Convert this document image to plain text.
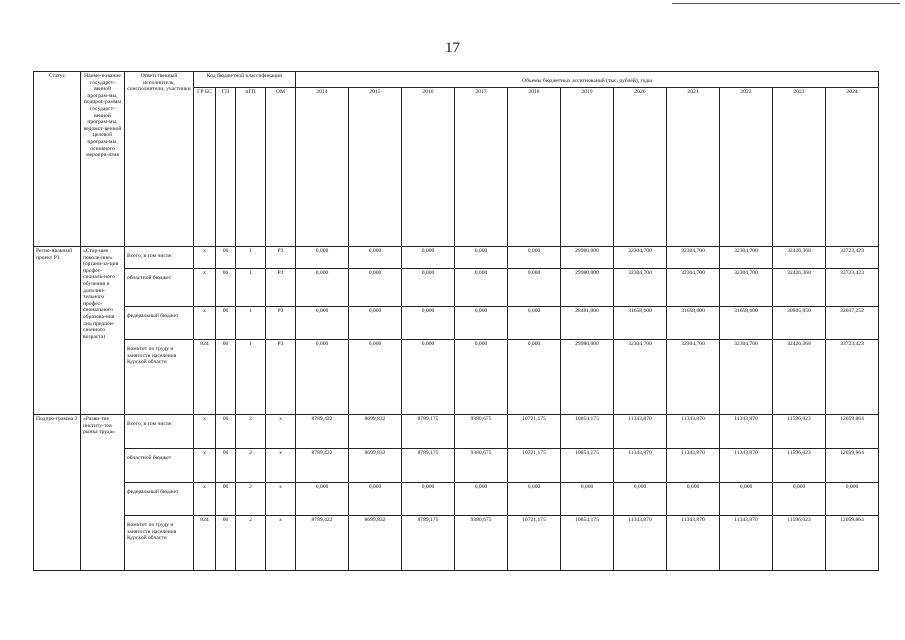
17
Статус	Наиме-нование государст-венной програм-мы, подпрог-раммы государст-венной програм-мы, ведомст-венной целевой програм-мы, основного меропри-ятия	Ответственный исполнитель, соисполнители, участники	Код бюджетной классификации				Объемы бюджетных ассигнований (тыс. рублей), годы										
			ГР БС	ГП	пГП	ОМ	2014	2015	2016	2017	2018	2019	2020	2021	2022	2023	2024
Регио-нальный проект Р3	«Стар-шее поколе-ние» (органи-за-ция профес-сиональ-ного обучения и дополни-тельного профес-сионального образова-ния лиц предпен-сионного возраста)	Всего, в том числе:	x	06	1	Р3	0,000	0,000	0,000	0,000	0,000	29980,000	32304,700	32304,700	32304,700	32426,368	33723,423
		областной бюджет	x	06	1	Р3	0,000	0,000	0,000	0,000	0,000	29980,000	32304,700	32304,700	32304,700	32426,368	33723,423
		федеральный бюджет	x	06	1	Р3	0,000	0,000	0,000	0,000	0,000	28481,000	31658,600	31658,600	31658,600	30805,050	32037,252
		Комитет по труду и занятости населения Курской области	824	06	1	Р3	0,000	0,000	0,000	0,000	0,000	29980,000	32304,700	32304,700	32304,700	32426,368	33723,423
Подпро-грамма 2	«Разви-тие институ-тов рынка труда»	Всего, в том числе:	x	06	2	x	8789,422	8699,832	8789,175	9380,675	10721,175	10854,175	11343,870	11343,870	11343,870	11596,023	12059,864
		областной бюджет	x	06	2	x	8789,422	8699,832	8789,175	9380,675	10721,175	10854,175	11343,870	11343,870	11343,870	11596,023	12059,864
		федеральный бюджет	x	06	2	x	0,000	0,000	0,000	0,000	0,000	0,000	0,000	0,000	0,000	0,000	0,000
		Комитет по труду и занятости населения Курской области	824	06	2	x	8789,422	8699,832	8789,175	9380,675	10721,175	10854,175	11343,870	11343,870	11343,870	11596,023	12059,864
